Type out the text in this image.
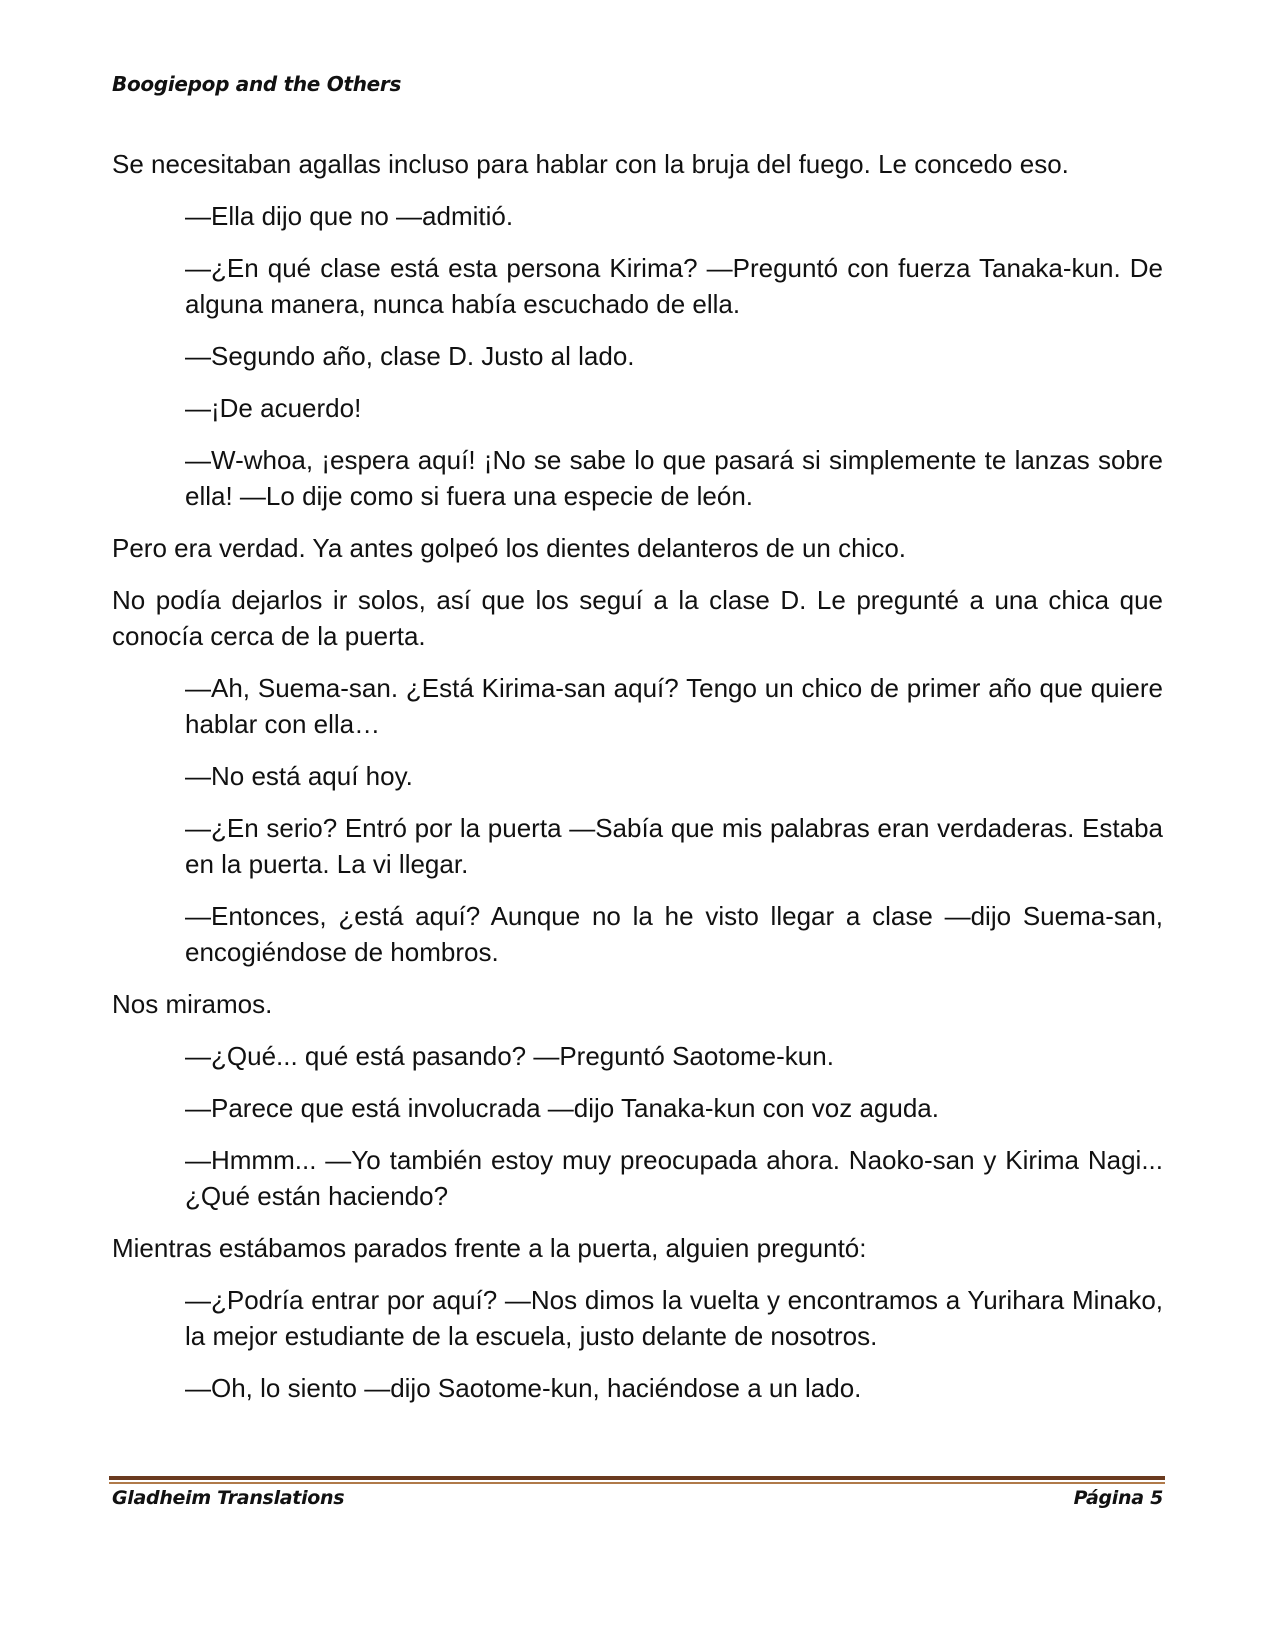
Boogiepop and the Others

Se necesitaban agallas incluso para hablar con la bruja del fuego. Le concedo eso.

—Ella dijo que no —admitió.

—¿En qué clase está esta persona Kirima? —Preguntó con fuerza Tanaka-kun. De alguna manera, nunca había escuchado de ella.

—Segundo año, clase D. Justo al lado.

—¡De acuerdo!

—W-whoa, ¡espera aquí! ¡No se sabe lo que pasará si simplemente te lanzas sobre ella! —Lo dije como si fuera una especie de león.

Pero era verdad. Ya antes golpeó los dientes delanteros de un chico.

No podía dejarlos ir solos, así que los seguí a la clase D. Le pregunté a una chica que conocía cerca de la puerta.

—Ah, Suema-san. ¿Está Kirima-san aquí? Tengo un chico de primer año que quiere hablar con ella…

—No está aquí hoy.

—¿En serio? Entró por la puerta —Sabía que mis palabras eran verdaderas. Estaba en la puerta. La vi llegar.

—Entonces, ¿está aquí? Aunque no la he visto llegar a clase —dijo Suema-san, encogiéndose de hombros.

Nos miramos.

—¿Qué... qué está pasando? —Preguntó Saotome-kun.

—Parece que está involucrada —dijo Tanaka-kun con voz aguda.

—Hmmm... —Yo también estoy muy preocupada ahora. Naoko-san y Kirima Nagi... ¿Qué están haciendo?

Mientras estábamos parados frente a la puerta, alguien preguntó:

—¿Podría entrar por aquí? —Nos dimos la vuelta y encontramos a Yurihara Minako, la mejor estudiante de la escuela, justo delante de nosotros.

—Oh, lo siento —dijo Saotome-kun, haciéndose a un lado.

Gladheim Translations	Página 5
